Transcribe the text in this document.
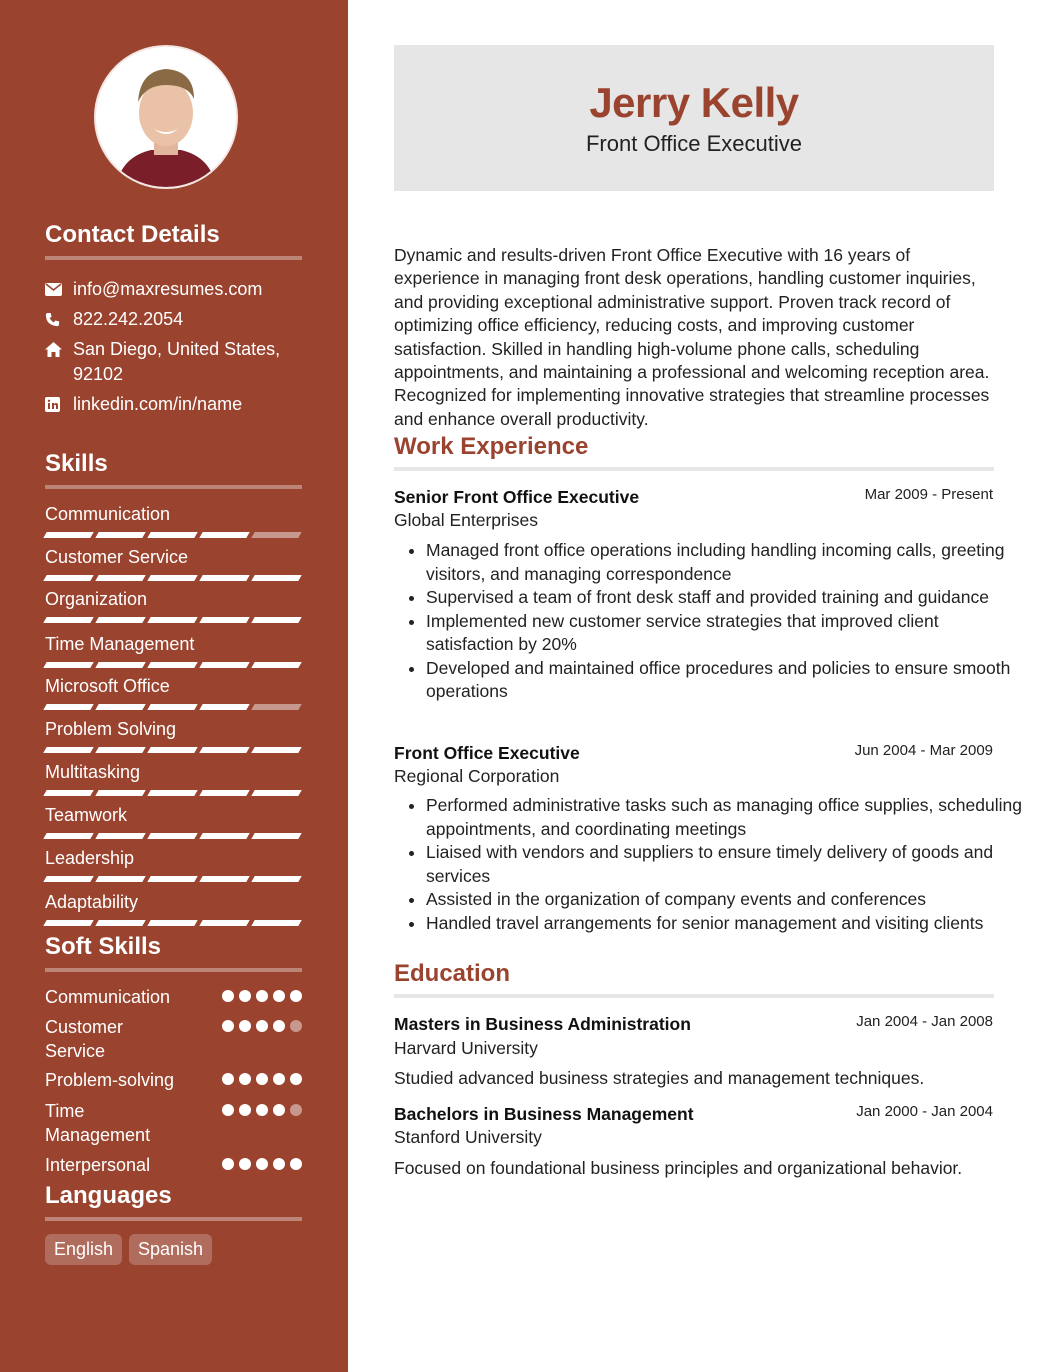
Contact Details
info@maxresumes.com
822.242.2054
San Diego, United States, 92102
linkedin.com/in/name
Skills
Communication
Customer Service
Organization
Time Management
Microsoft Office
Problem Solving
Multitasking
Teamwork
Leadership
Adaptability
Soft Skills
Communication
Customer Service
Problem-solving
Time Management
Interpersonal
Languages
English	Spanish
Jerry Kelly
Front Office Executive
Dynamic and results-driven Front Office Executive with 16 years of experience in managing front desk operations, handling customer inquiries, and providing exceptional administrative support. Proven track record of optimizing office efficiency, reducing costs, and improving customer satisfaction. Skilled in handling high-volume phone calls, scheduling appointments, and maintaining a professional and welcoming reception area. Recognized for implementing innovative strategies that streamline processes and enhance overall productivity.
Work Experience
Senior Front Office Executive	Mar 2009 - Present
Global Enterprises
• Managed front office operations including handling incoming calls, greeting visitors, and managing correspondence
• Supervised a team of front desk staff and provided training and guidance
• Implemented new customer service strategies that improved client satisfaction by 20%
• Developed and maintained office procedures and policies to ensure smooth operations
Front Office Executive	Jun 2004 - Mar 2009
Regional Corporation
• Performed administrative tasks such as managing office supplies, scheduling appointments, and coordinating meetings
• Liaised with vendors and suppliers to ensure timely delivery of goods and services
• Assisted in the organization of company events and conferences
• Handled travel arrangements for senior management and visiting clients
Education
Masters in Business Administration	Jan 2004 - Jan 2008
Harvard University
Studied advanced business strategies and management techniques.
Bachelors in Business Management	Jan 2000 - Jan 2004
Stanford University
Focused on foundational business principles and organizational behavior.
